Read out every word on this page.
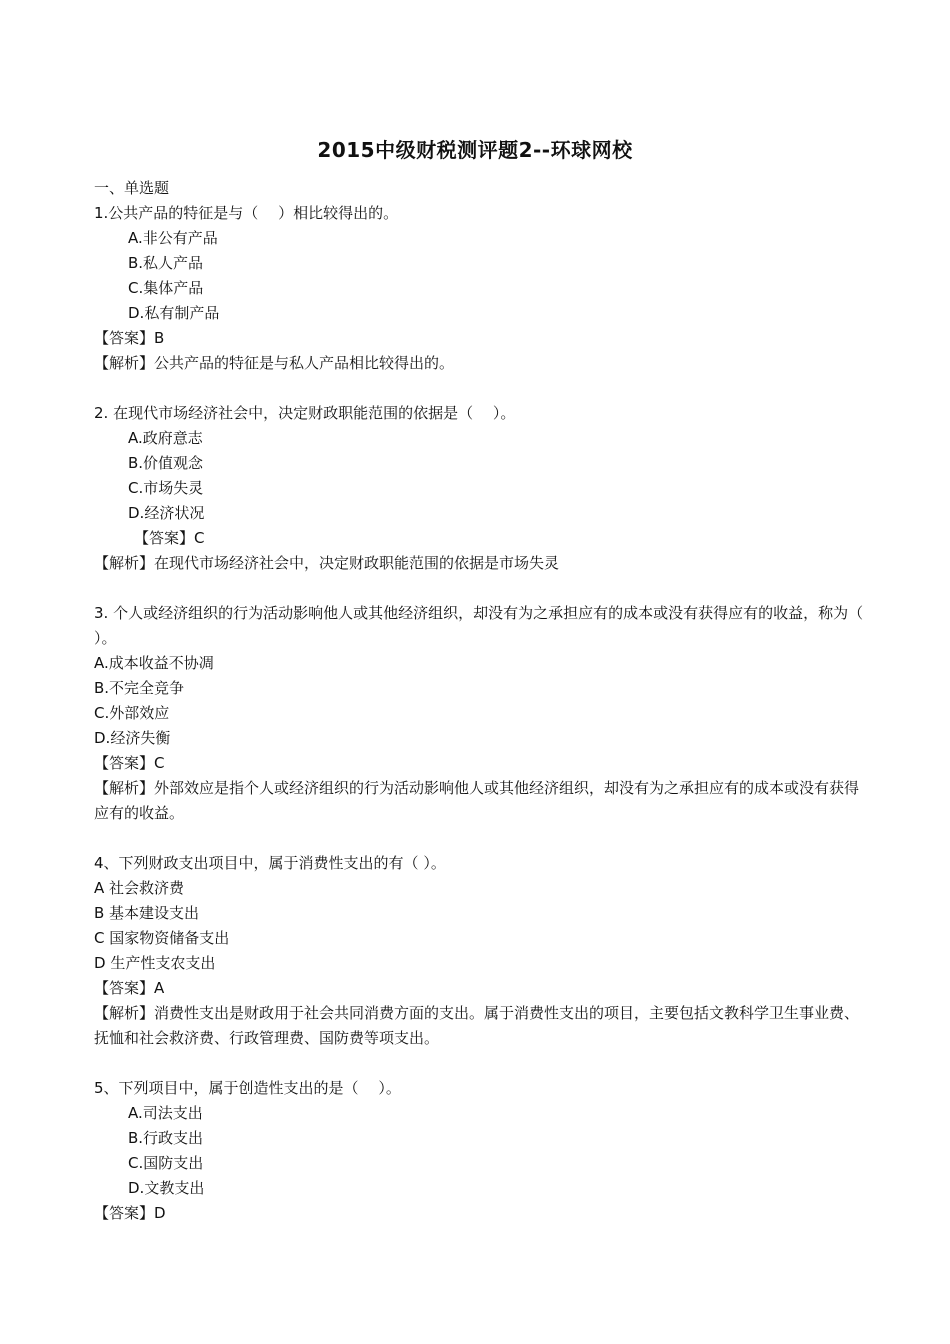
2015中级财税测评题2--环球网校
一、单选题
1.公共产品的特征是与（　 ）相比较得出的。
A.非公有产品
B.私人产品
C.集体产品
D.私有制产品
【答案】B
【解析】公共产品的特征是与私人产品相比较得出的。
2. 在现代市场经济社会中，决定财政职能范围的依据是（　 ）。
A.政府意志
B.价值观念
C.市场失灵
D.经济状况
【答案】C
【解析】在现代市场经济社会中，决定财政职能范围的依据是市场失灵
3. 个人或经济组织的行为活动影响他人或其他经济组织，却没有为之承担应有的成本或没有获得应有的收益，称为（ ）。
A.成本收益不协凋
B.不完全竞争
C.外部效应
D.经济失衡
【答案】C
【解析】外部效应是指个人或经济组织的行为活动影响他人或其他经济组织，却没有为之承担应有的成本或没有获得应有的收益。
4、下列财政支出项目中，属于消费性支出的有（ ）。
A 社会救济费
B 基本建设支出
C 国家物资储备支出
D 生产性支农支出
【答案】A
【解析】消费性支出是财政用于社会共同消费方面的支出。属于消费性支出的项目，主要包括文教科学卫生事业费、抚恤和社会救济费、行政管理费、国防费等项支出。
5、下列项目中，属于创造性支出的是（　 ）。
A.司法支出
B.行政支出
C.国防支出
D.文教支出
【答案】D
